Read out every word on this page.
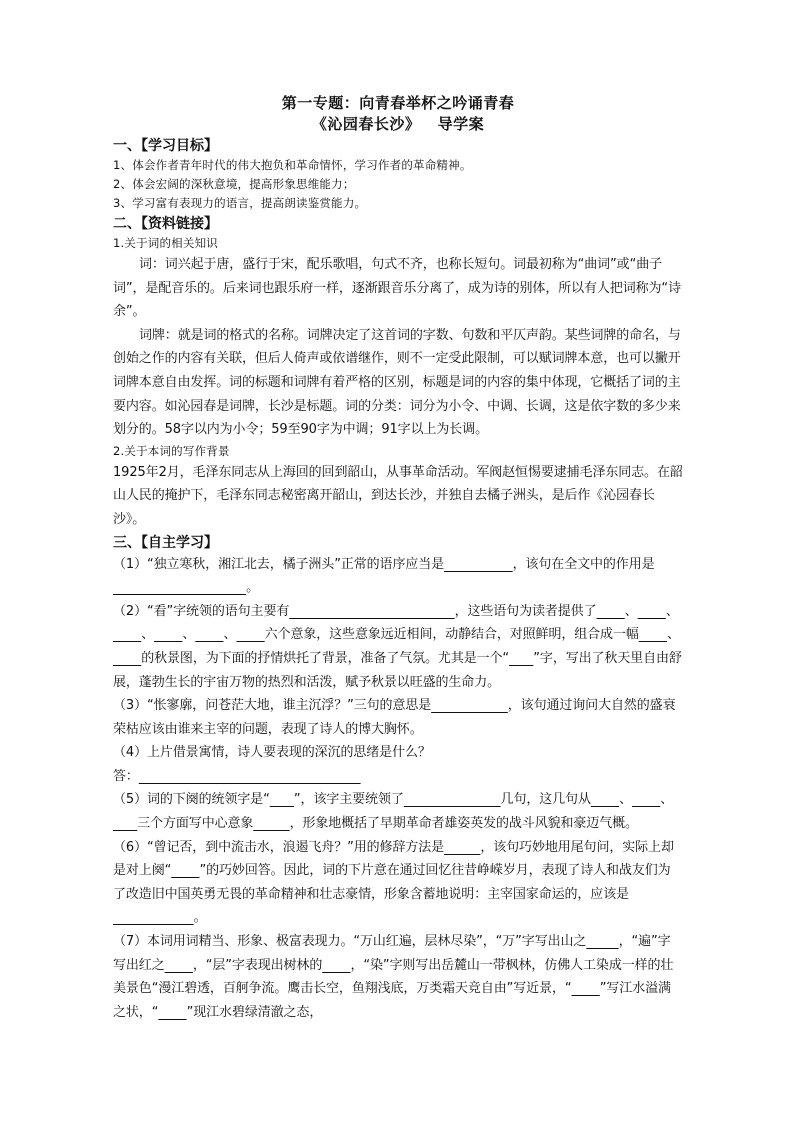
第一专题：向青春举杯之吟诵青春
《沁园春长沙》   导学案
一、【学习目标】

1、体会作者青年时代的伟大抱负和革命情怀，学习作者的革命精神。

2、体会宏阔的深秋意境，提高形象思维能力；

3、学习富有表现力的语言，提高朗读鉴赏能力。

二、【资料链接】

1.关于词的相关知识

词：词兴起于唐，盛行于宋，配乐歌唱，句式不齐，也称长短句。词最初称为“曲词”或“曲子词”，是配音乐的。后来词也跟乐府一样，逐渐跟音乐分离了，成为诗的别体，所以有人把词称为“诗余”。

词牌：就是词的格式的名称。词牌决定了这首词的字数、句数和平仄声韵。某些词牌的命名，与创始之作的内容有关联，但后人倚声或依谱继作，则不一定受此限制，可以赋词牌本意，也可以撇开词牌本意自由发挥。词的标题和词牌有着严格的区别，标题是词的内容的集中体现，它概括了词的主要内容。如沁园春是词牌，长沙是标题。词的分类：词分为小令、中调、长调，这是依字数的多少来划分的。58字以内为小令；59至90字为中调；91字以上为长调。

2.关于本词的写作背景

1925年2月，毛泽东同志从上海回的回到韶山，从事革命活动。军阀赵恒惕要逮捕毛泽东同志。在韶山人民的掩护下，毛泽东同志秘密离开韶山，到达长沙，并独自去橘子洲头，是后作《沁园春长沙》。

三、【自主学习】

（1）“独立寒秋，湘江北去，橘子洲头”正常的语序应当是	，该句在全文中的作用是                                 。

（2）“看”字统领的语句主要有	，这些语句为读者提供了 、 、       、 、 、 六个意象，这些意象远近相间，动静结合，对照鲜明，组合成一幅 、       的秋景图，为下面的抒情烘托了背景，准备了气氛。尤其是一个“ ”字，写出了秋天里自由舒展，蓬勃生长的宇宙万物的热烈和活泼，赋予秋景以旺盛的生命力。

（3）“怅寥廓，问苍茫大地，谁主沉浮？”三句的意思是	，该句通过询问大自然的盛衰荣枯应该由谁来主宰的问题，表现了诗人的博大胸怀。

（4）上片借景寓情，诗人要表现的深沉的思绪是什么？

答：

（5）词的下阕的统领字是“ ”，该字主要统领了	几句，这几句从 、 、      三个方面写中心意象	，形象地概括了早期革命者雄姿英发的战斗风貌和豪迈气概。

（6）“曾记否，到中流击水，浪遏飞舟？”用的修辞方法是	，该句巧妙地用尾句问，实际上却是对上阕“ ”的巧妙回答。因此，词的下片意在通过回忆往昔峥嵘岁月，表现了诗人和战友们为了改造旧中国英勇无畏的革命精神和壮志豪情，形象含蓄地说明：主宰国家命运的，应该是                    。

（7）本词用词精当、形象、极富表现力。“万山红遍，层林尽染”，“万”字写出山之 ，“遍”字写出红之 ，“层”字表现出树林的 ，“染”字则写出岳麓山一带枫林，仿佛人工染成一样的壮美景色“漫江碧透，百舸争流。鹰击长空，鱼翔浅底，万类霜天竞自由”写近景，“ ”写江水溢满之状，“ ”现江水碧绿清澈之态，
